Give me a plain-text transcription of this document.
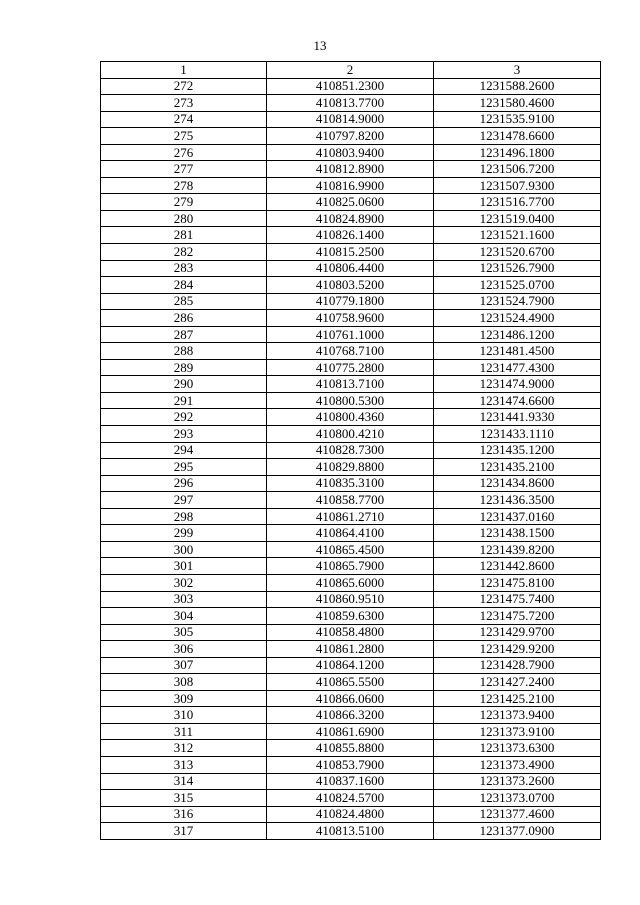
13
1	2	3
272	410851.2300	1231588.2600
273	410813.7700	1231580.4600
274	410814.9000	1231535.9100
275	410797.8200	1231478.6600
276	410803.9400	1231496.1800
277	410812.8900	1231506.7200
278	410816.9900	1231507.9300
279	410825.0600	1231516.7700
280	410824.8900	1231519.0400
281	410826.1400	1231521.1600
282	410815.2500	1231520.6700
283	410806.4400	1231526.7900
284	410803.5200	1231525.0700
285	410779.1800	1231524.7900
286	410758.9600	1231524.4900
287	410761.1000	1231486.1200
288	410768.7100	1231481.4500
289	410775.2800	1231477.4300
290	410813.7100	1231474.9000
291	410800.5300	1231474.6600
292	410800.4360	1231441.9330
293	410800.4210	1231433.1110
294	410828.7300	1231435.1200
295	410829.8800	1231435.2100
296	410835.3100	1231434.8600
297	410858.7700	1231436.3500
298	410861.2710	1231437.0160
299	410864.4100	1231438.1500
300	410865.4500	1231439.8200
301	410865.7900	1231442.8600
302	410865.6000	1231475.8100
303	410860.9510	1231475.7400
304	410859.6300	1231475.7200
305	410858.4800	1231429.9700
306	410861.2800	1231429.9200
307	410864.1200	1231428.7900
308	410865.5500	1231427.2400
309	410866.0600	1231425.2100
310	410866.3200	1231373.9400
311	410861.6900	1231373.9100
312	410855.8800	1231373.6300
313	410853.7900	1231373.4900
314	410837.1600	1231373.2600
315	410824.5700	1231373.0700
316	410824.4800	1231377.4600
317	410813.5100	1231377.0900
